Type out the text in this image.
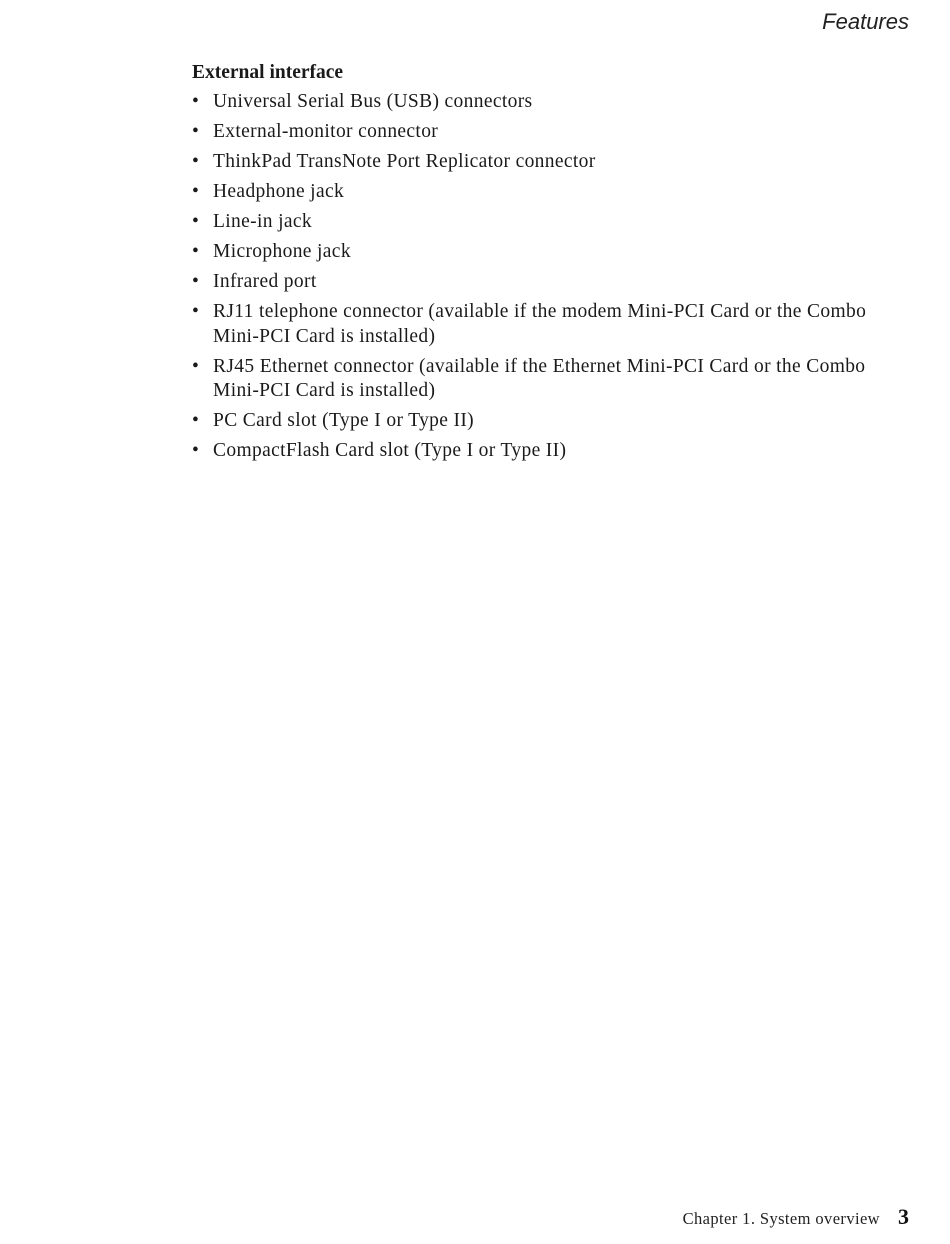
Features
External interface
• Universal Serial Bus (USB) connectors
• External-monitor connector
• ThinkPad TransNote Port Replicator connector
• Headphone jack
• Line-in jack
• Microphone jack
• Infrared port
• RJ11 telephone connector (available if the modem Mini-PCI Card or the Combo Mini-PCI Card is installed)
• RJ45 Ethernet connector (available if the Ethernet Mini-PCI Card or the Combo Mini-PCI Card is installed)
• PC Card slot (Type I or Type II)
• CompactFlash Card slot (Type I or Type II)
Chapter 1. System overview 3
